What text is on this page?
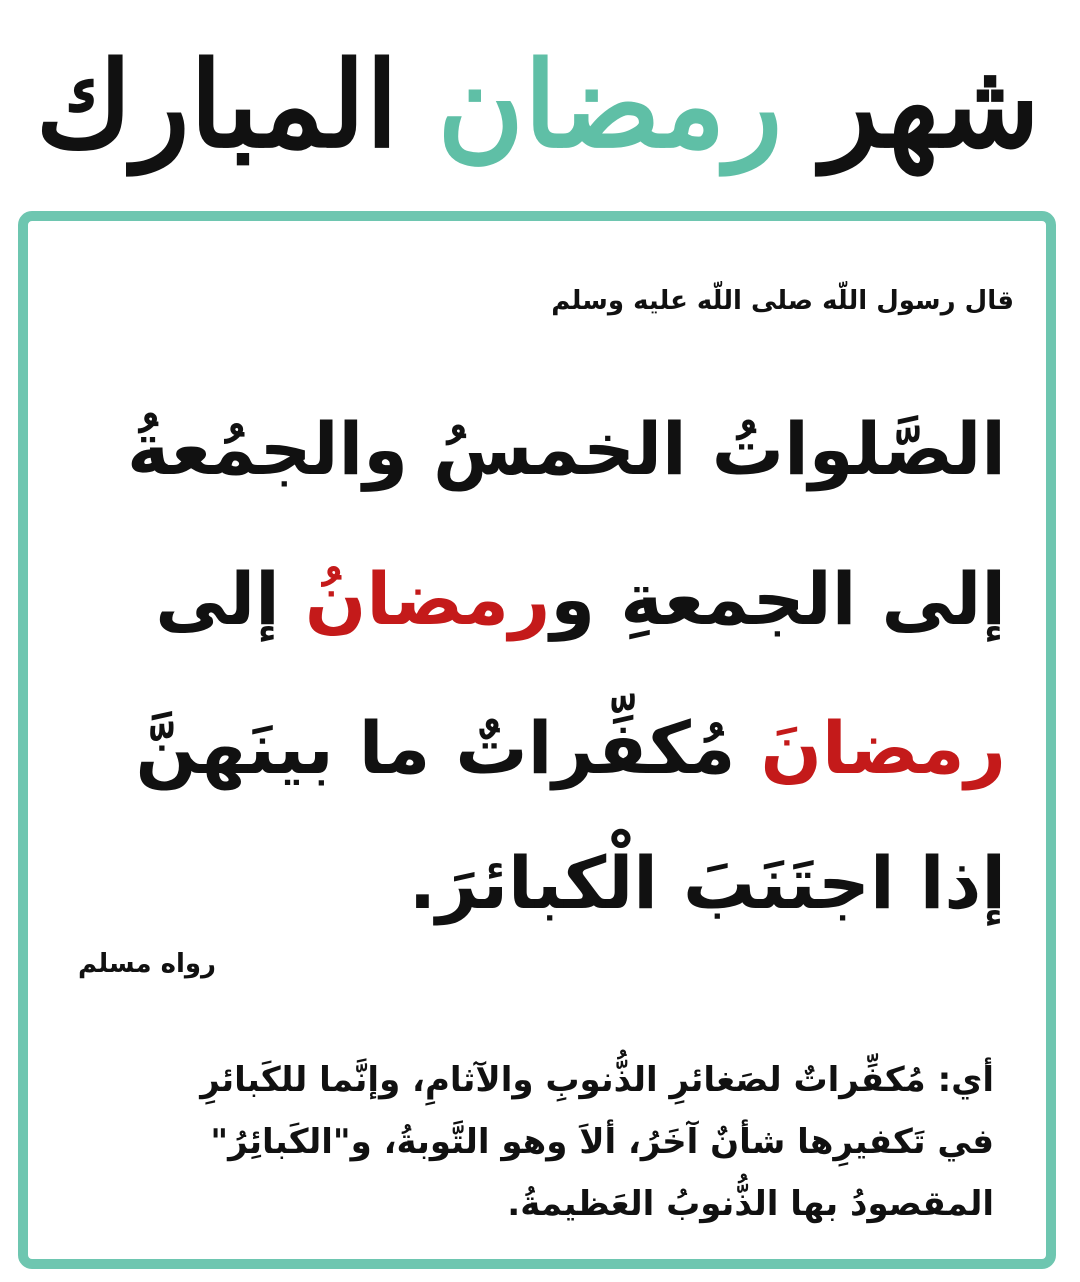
شهر رمضان المبارك
قال رسول اللّه صلى اللّه عليه وسلم
الصَّلواتُ الخمسُ والجمُعةُ
إلى الجمعةِ ورمضانُ إلى
رمضانَ مُكفِّراتٌ ما بينَهنَّ
إذا اجتَنَبَ الْكبائرَ.
رواه مسلم
أي: مُكفِّراتٌ لصَغائرِ الذُّنوبِ والآثامِ، وإنَّما للكَبائرِ
في تَكفيرِها شأنٌ آخَرُ، ألاَ وهو التَّوبةُ، و"الكَبائِرُ"
المقصودُ بها الذُّنوبُ العَظيمةُ.
